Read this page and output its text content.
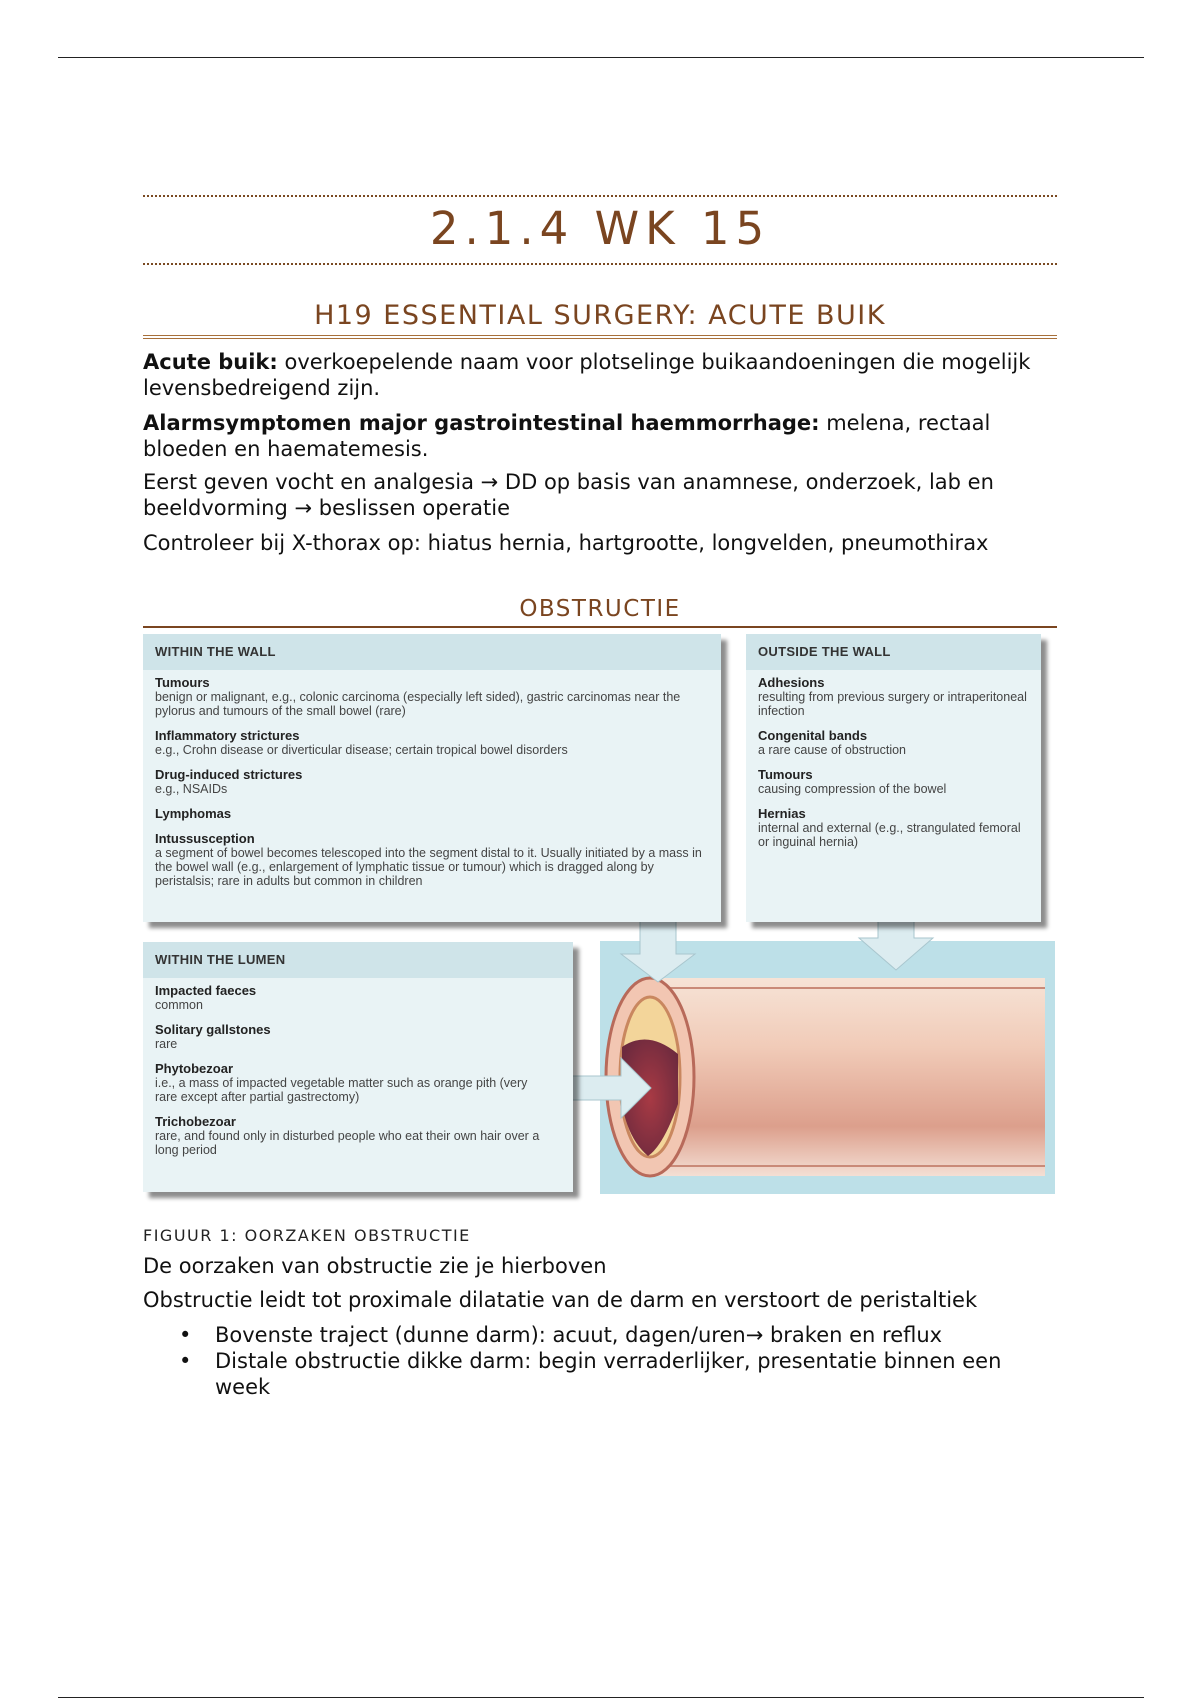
2.1.4 WK 15
H19 ESSENTIAL SURGERY: ACUTE BUIK
Acute buik: overkoepelende naam voor plotselinge buikaandoeningen die mogelijk levensbedreigend zijn.
Alarmsymptomen major gastrointestinal haemmorrhage: melena, rectaal bloeden en haematemesis.
Eerst geven vocht en analgesia → DD op basis van anamnese, onderzoek, lab en beeldvorming → beslissen operatie
Controleer bij X-thorax op: hiatus hernia, hartgrootte, longvelden, pneumothirax
OBSTRUCTIE
WITHIN THE WALL
Tumours
benign or malignant, e.g., colonic carcinoma (especially left sided), gastric carcinomas near the pylorus and tumours of the small bowel (rare)
Inflammatory strictures
e.g., Crohn disease or diverticular disease; certain tropical bowel disorders
Drug-induced strictures
e.g., NSAIDs
Lymphomas
Intussusception
a segment of bowel becomes telescoped into the segment distal to it. Usually initiated by a mass in the bowel wall (e.g., enlargement of lymphatic tissue or tumour) which is dragged along by peristalsis; rare in adults but common in children
OUTSIDE THE WALL
Adhesions
resulting from previous surgery or intraperitoneal infection
Congenital bands
a rare cause of obstruction
Tumours
causing compression of the bowel
Hernias
internal and external (e.g., strangulated femoral or inguinal hernia)
WITHIN THE LUMEN
Impacted faeces
common
Solitary gallstones
rare
Phytobezoar
i.e., a mass of impacted vegetable matter such as orange pith (very rare except after partial gastrectomy)
Trichobezoar
rare, and found only in disturbed people who eat their own hair over a long period
FIGUUR 1: OORZAKEN OBSTRUCTIE
De oorzaken van obstructie zie je hierboven
Obstructie leidt tot proximale dilatatie van de darm en verstoort de peristaltiek
• Bovenste traject (dunne darm): acuut, dagen/uren→ braken en reflux
• Distale obstructie dikke darm: begin verraderlijker, presentatie binnen een week
